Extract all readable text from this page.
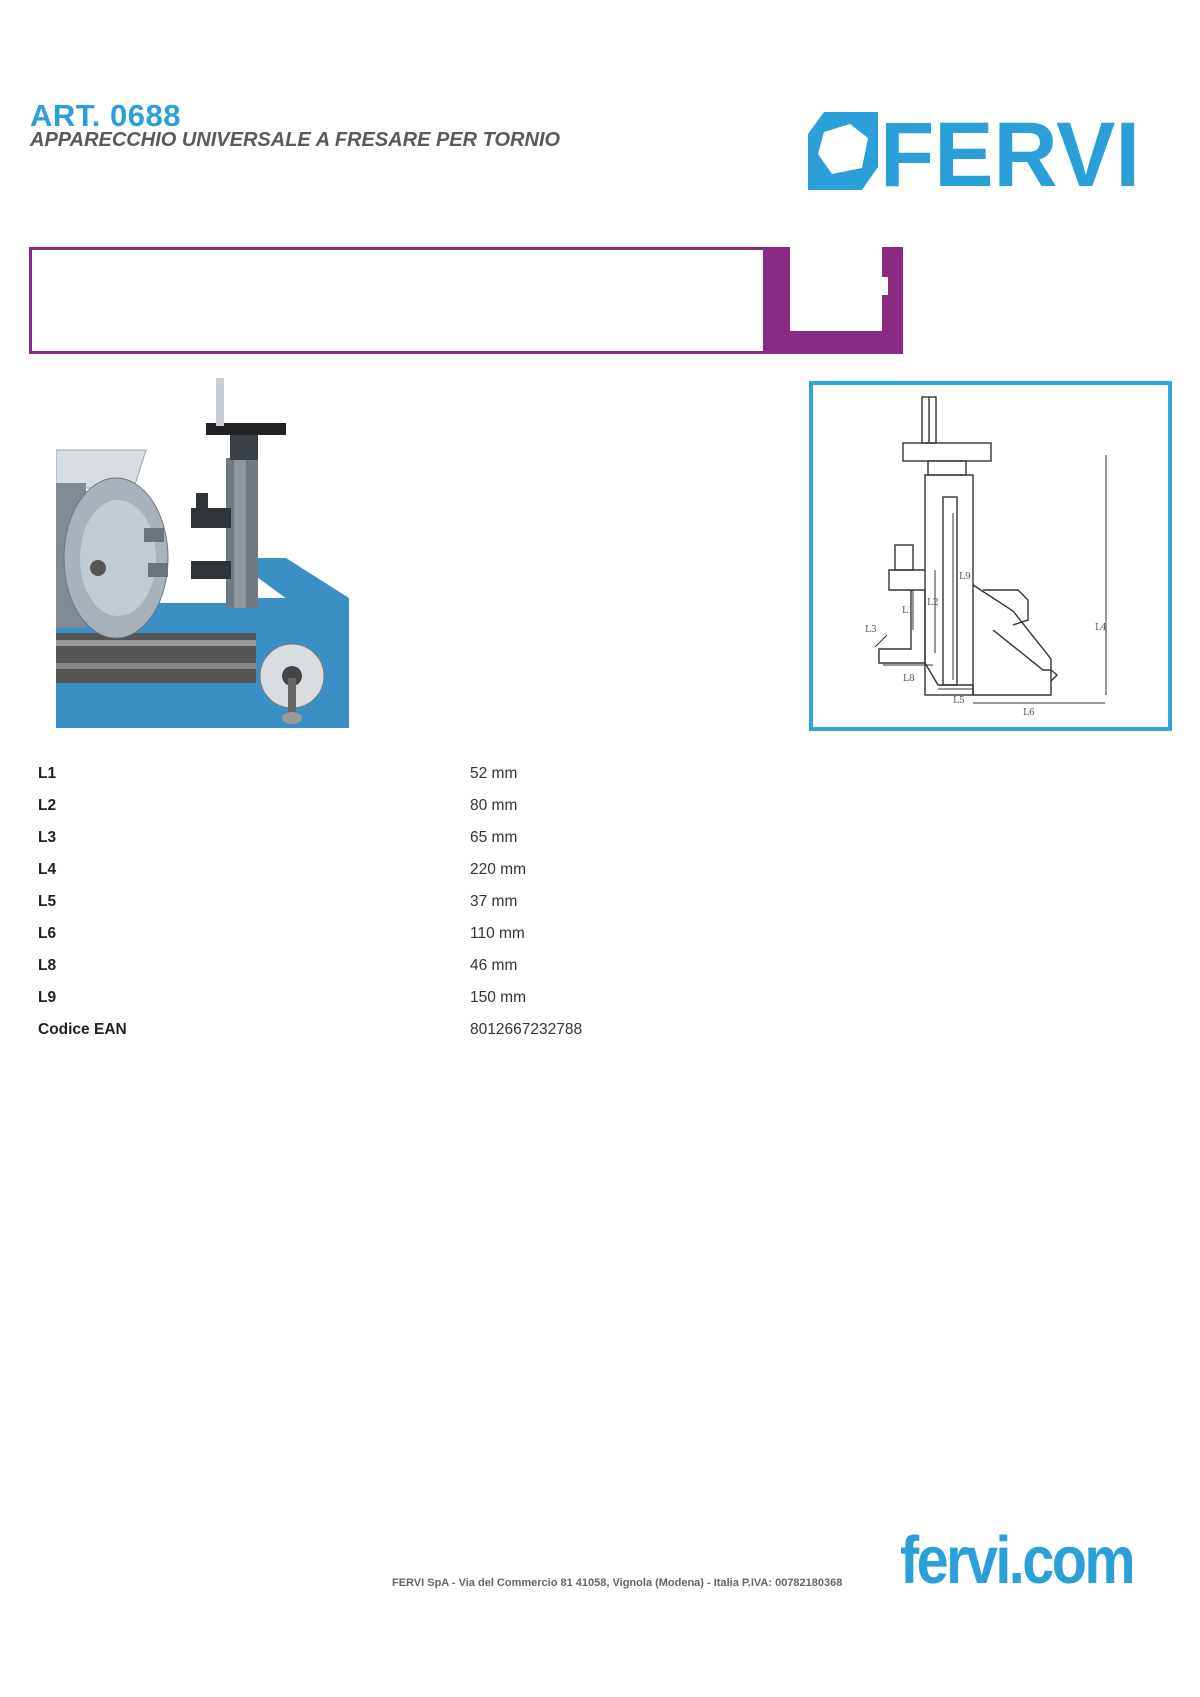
ART. 0688
APPARECCHIO UNIVERSALE A FRESARE PER TORNIO	FERVI
L9
L2
L1
L3	L4
L8
L5
L6
L1	52 mm
L2	80 mm
L3	65 mm
L4	220 mm
L5	37 mm
L6	110 mm
L8	46 mm
L9	150 mm
Codice EAN	8012667232788
FERVI SpA - Via del Commercio 81 41058, Vignola (Modena) - Italia P.IVA: 00782180368 fervi.com
